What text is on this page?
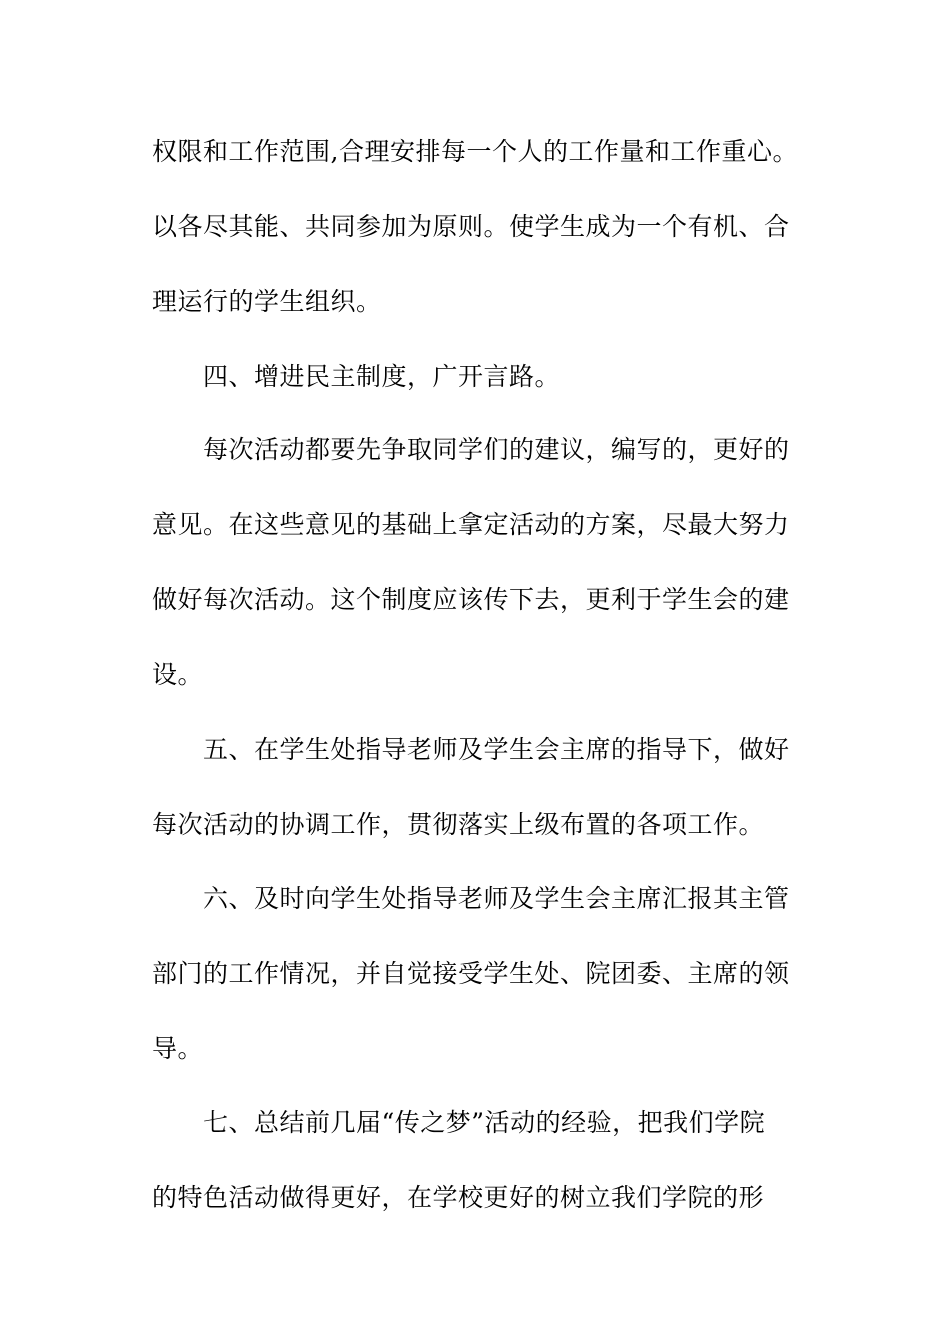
权限和工作范围,合理安排每一个人的工作量和工作重心。
以各尽其能、共同参加为原则。使学生成为一个有机、合
理运行的学生组织。
四、增进民主制度，广开言路。
每次活动都要先争取同学们的建议，编写的，更好的
意见。在这些意见的基础上拿定活动的方案，尽最大努力
做好每次活动。这个制度应该传下去，更利于学生会的建
设。
五、在学生处指导老师及学生会主席的指导下，做好
每次活动的协调工作，贯彻落实上级布置的各项工作。
六、及时向学生处指导老师及学生会主席汇报其主管
部门的工作情况，并自觉接受学生处、院团委、主席的领
导。
七、总结前几届“传之梦”活动的经验，把我们学院
的特色活动做得更好，在学校更好的树立我们学院的形
